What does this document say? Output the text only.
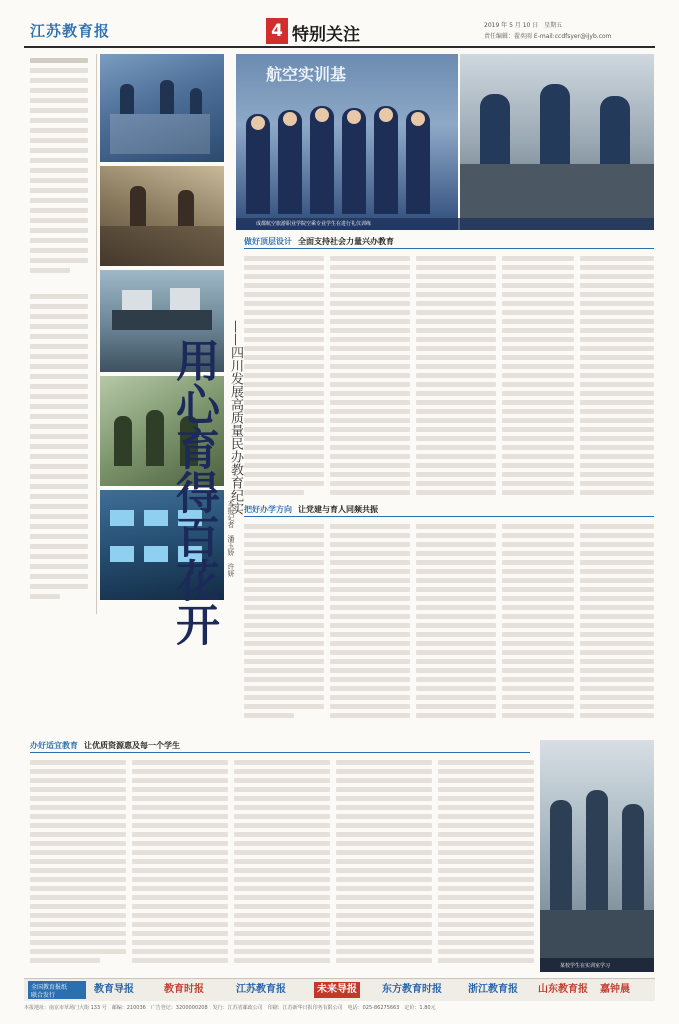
江苏教育报	4 特别关注	2019 年 5 月 10 日　星期五
责任编辑：翟奕雨 E-mail:ccdfsyer@ijyb.com
用心育得百花开 ——四川发展高质量民办教育纪实
本报记者　潘玉娇　许妍
航空实训基
成都航空旅游职业学院空乘专业学生在进行礼仪训练
做好顶层设计 全面支持社会力量兴办教育
把好办学方向 让党建与育人同频共振
办好适宜教育 让优质资源惠及每一个学生
某校学生在实训室学习
全国教育报纸
联合发行
教育导报	教育时报	江苏教育报	未来导报	东方教育时报	浙江教育报 山东教育报 嘉钟晨
本报地址：南京市草场门大街 133 号　邮编：210036　广告登记：3200000208　发行：江苏省邮政公司　印刷：江苏新华日报印务有限公司　电话：025-86275663　定价：1.80元
